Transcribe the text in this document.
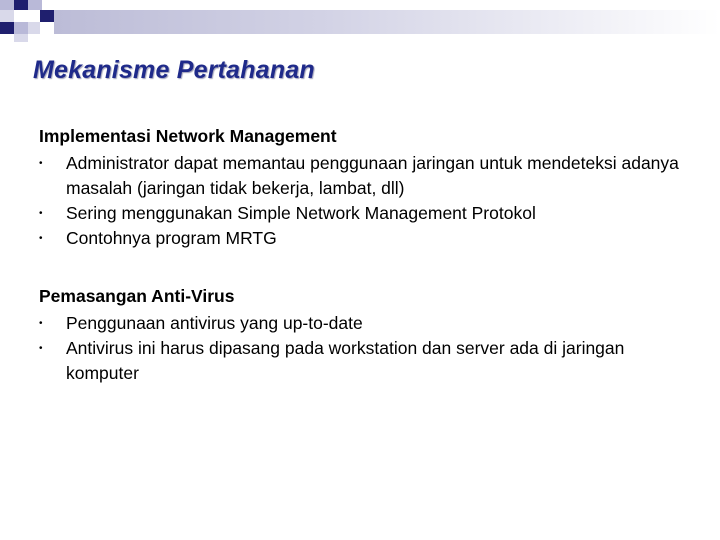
Mekanisme Pertahanan

Implementasi Network Management

• Administrator dapat memantau penggunaan jaringan untuk mendeteksi adanya masalah (jaringan tidak bekerja, lambat, dll)
• Sering menggunakan Simple Network Management Protokol
• Contohnya program MRTG

Pemasangan Anti-Virus

• Penggunaan antivirus yang up-to-date
• Antivirus ini harus dipasang pada workstation dan server ada di jaringan komputer
